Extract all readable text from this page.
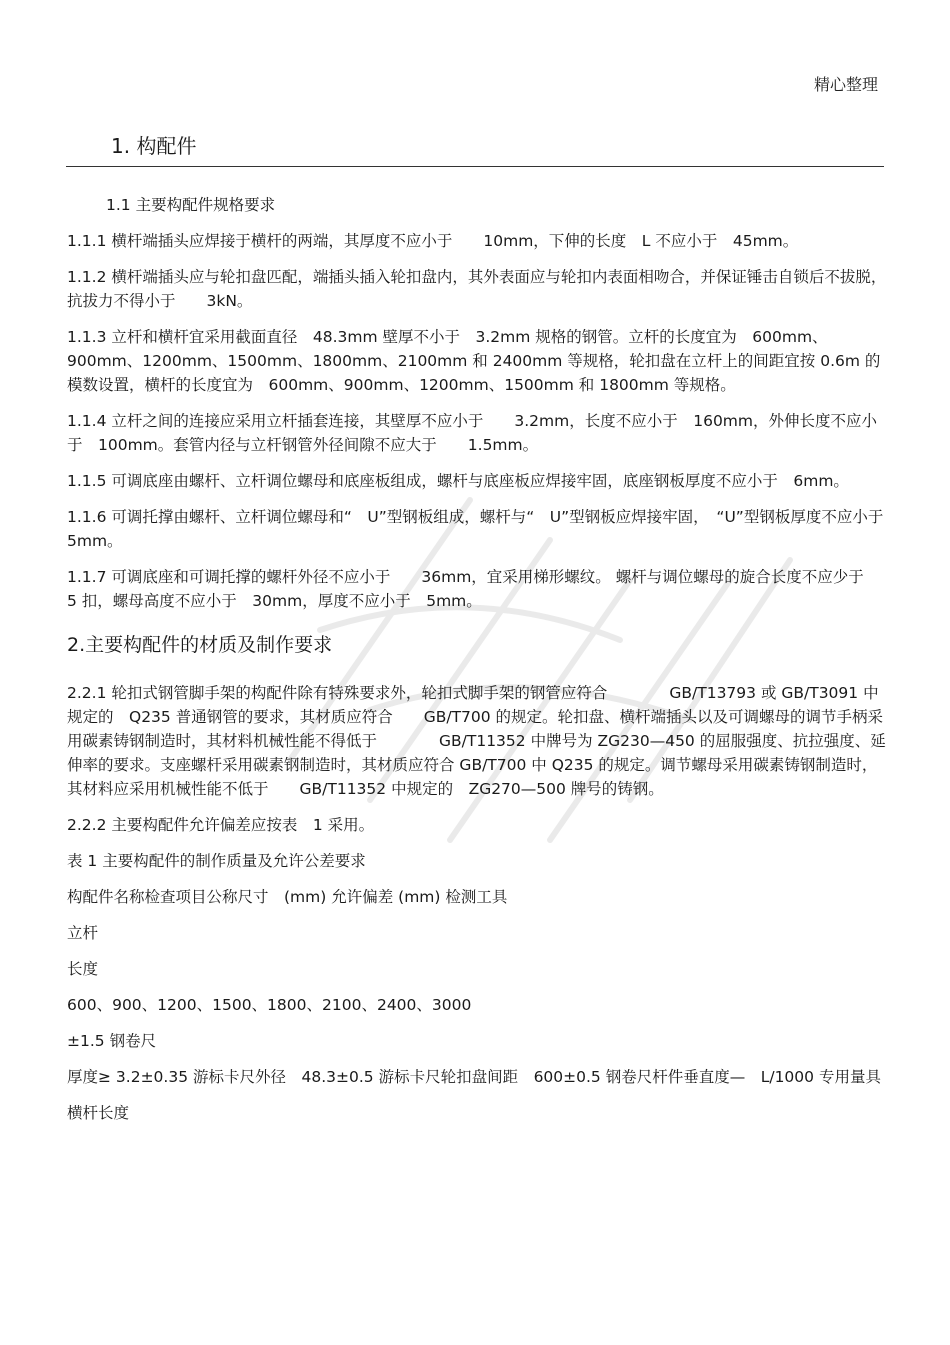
精心整理
1. 构配件

1.1 主要构配件规格要求

1.1.1 横杆端插头应焊接于横杆的两端，其厚度不应小于　　10mm，下伸的长度　L 不应小于　45mm。

1.1.2 横杆端插头应与轮扣盘匹配，端插头插入轮扣盘内，其外表面应与轮扣内表面相吻合，并保证锤击自锁后不拔脱，抗拔力不得小于　　3kN。

1.1.3 立杆和横杆宜采用截面直径　48.3mm 壁厚不小于　3.2mm 规格的钢管。立杆的长度宜为　600mm、900mm、1200mm、1500mm、1800mm、2100mm 和 2400mm 等规格，轮扣盘在立杆上的间距宜按 0.6m 的模数设置，横杆的长度宜为　600mm、900mm、1200mm、1500mm 和 1800mm 等规格。

1.1.4 立杆之间的连接应采用立杆插套连接，其壁厚不应小于　　3.2mm，长度不应小于　160mm，外伸长度不应小于　100mm。套管内径与立杆钢管外径间隙不应大于　　1.5mm。

1.1.5 可调底座由螺杆、立杆调位螺母和底座板组成，螺杆与底座板应焊接牢固，底座钢板厚度不应小于　6mm。

1.1.6 可调托撑由螺杆、立杆调位螺母和“　U”型钢板组成，螺杆与“　U”型钢板应焊接牢固，　“U”型钢板厚度不应小于　5mm。

1.1.7 可调底座和可调托撑的螺杆外径不应小于　　36mm，宜采用梯形螺纹。 螺杆与调位螺母的旋合长度不应少于　5 扣，螺母高度不应小于　30mm，厚度不应小于　5mm。

2.主要构配件的材质及制作要求

2.2.1 轮扣式钢管脚手架的构配件除有特殊要求外，轮扣式脚手架的钢管应符合　　　　GB/T13793 或 GB/T3091 中规定的　Q235 普通钢管的要求，其材质应符合　　GB/T700 的规定。轮扣盘、横杆端插头以及可调螺母的调节手柄采用碳素铸钢制造时，其材料机械性能不得低于　　　　GB/T11352 中牌号为 ZG230—450 的屈服强度、抗拉强度、延伸率的要求。支座螺杆采用碳素钢制造时，其材质应符合 GB/T700 中 Q235 的规定。调节螺母采用碳素铸钢制造时，　其材料应采用机械性能不低于　　GB/T11352 中规定的　ZG270—500 牌号的铸钢。

2.2.2 主要构配件允许偏差应按表　1 采用。

表 1 主要构配件的制作质量及允许公差要求

构配件名称检查项目公称尺寸　(mm) 允许偏差 (mm) 检测工具

立杆

长度

600、900、1200、1500、1800、2100、2400、3000

±1.5 钢卷尺

厚度≥ 3.2±0.35 游标卡尺外径　48.3±0.5 游标卡尺轮扣盘间距　600±0.5 钢卷尺杆件垂直度—　L/1000 专用量具

横杆长度
